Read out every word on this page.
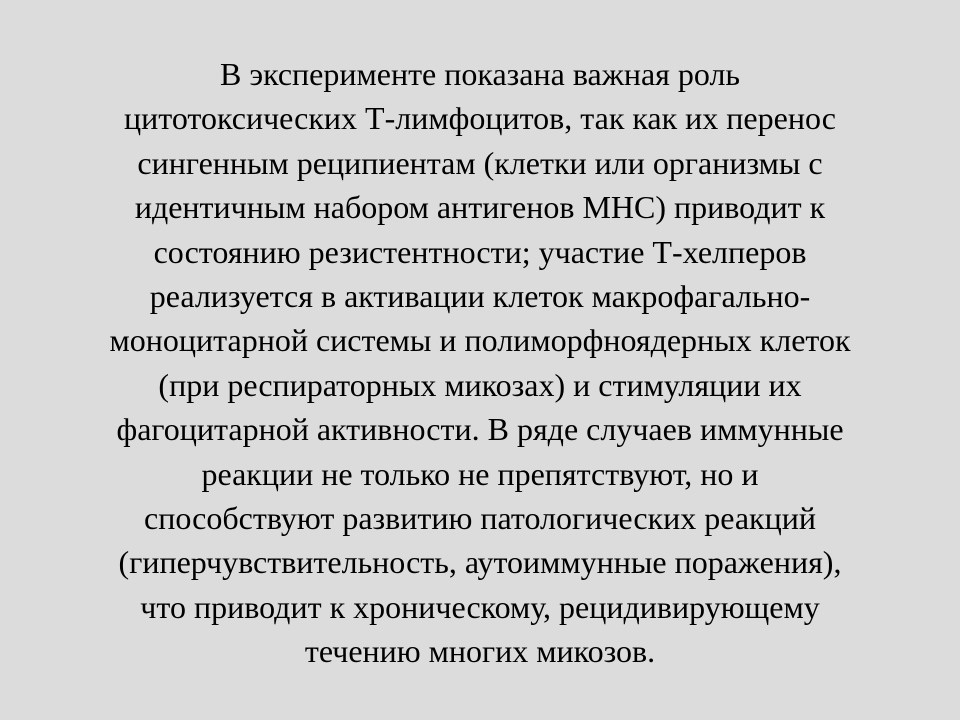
В эксперименте показана важная роль
цитотоксических Т-лимфоцитов, так как их перенос
сингенным реципиентам (клетки или организмы с
идентичным набором антигенов МНС) приводит к
состоянию резистентности; участие Т-хелперов
реализуется в активации клеток макрофагально-
моноцитарной системы и полиморфноядерных клеток
(при респираторных микозах) и стимуляции их
фагоцитарной активности. В ряде случаев иммунные
реакции не только не препятствуют, но и
способствуют развитию патологических реакций
(гиперчувствительность, аутоиммунные поражения),
что приводит к хроническому, рецидивирующему
течению многих микозов.
